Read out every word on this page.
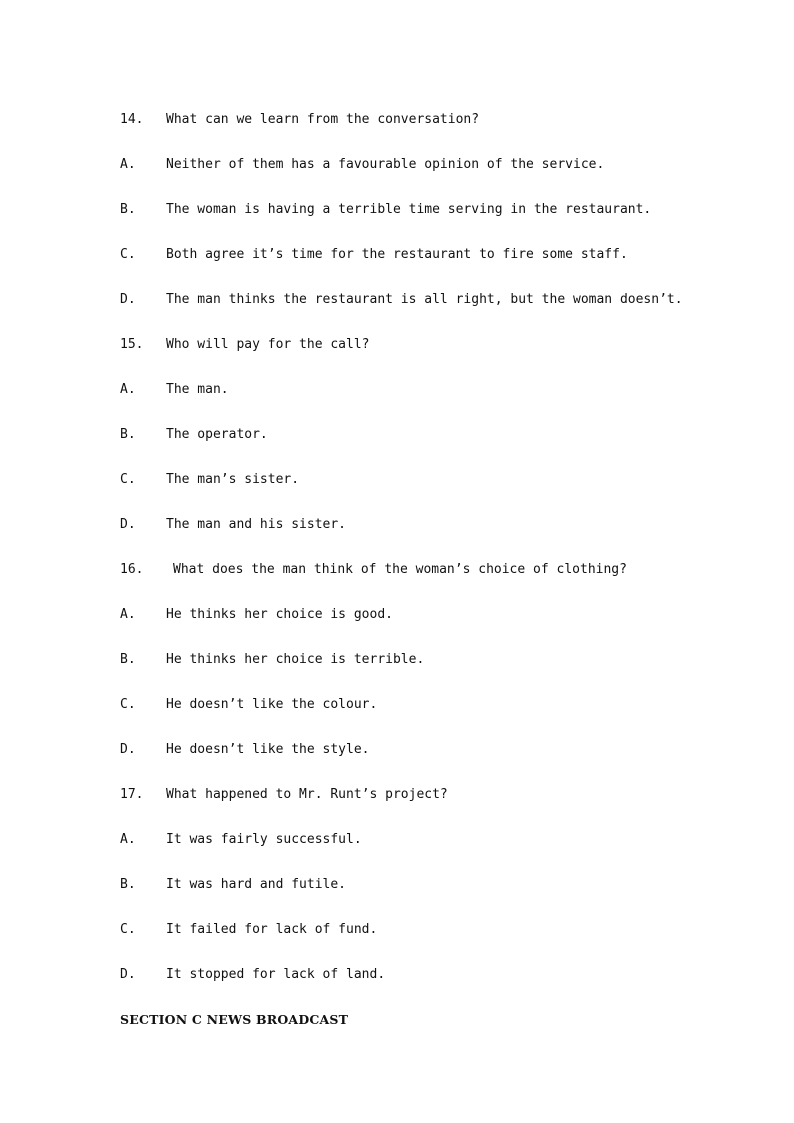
14.	What can we learn from the conversation?
A.	Neither of them has a favourable opinion of the service.
B.	The woman is having a terrible time serving in the restaurant.
C.	Both agree it’s time for the restaurant to fire some staff.
D.	The man thinks the restaurant is all right, but the woman doesn’t.
15.	Who will pay for the call?
A.	The man.
B.	The operator.
C.	The man’s sister.
D.	The man and his sister.
16.	What does the man think of the woman’s choice of clothing?
A.	He thinks her choice is good.
B.	He thinks her choice is terrible.
C.	He doesn’t like the colour.
D.	He doesn’t like the style.
17.	What happened to Mr. Runt’s project?
A.	It was fairly successful.
B.	It was hard and futile.
C.	It failed for lack of fund.
D.	It stopped for lack of land.
SECTION C NEWS BROADCAST
